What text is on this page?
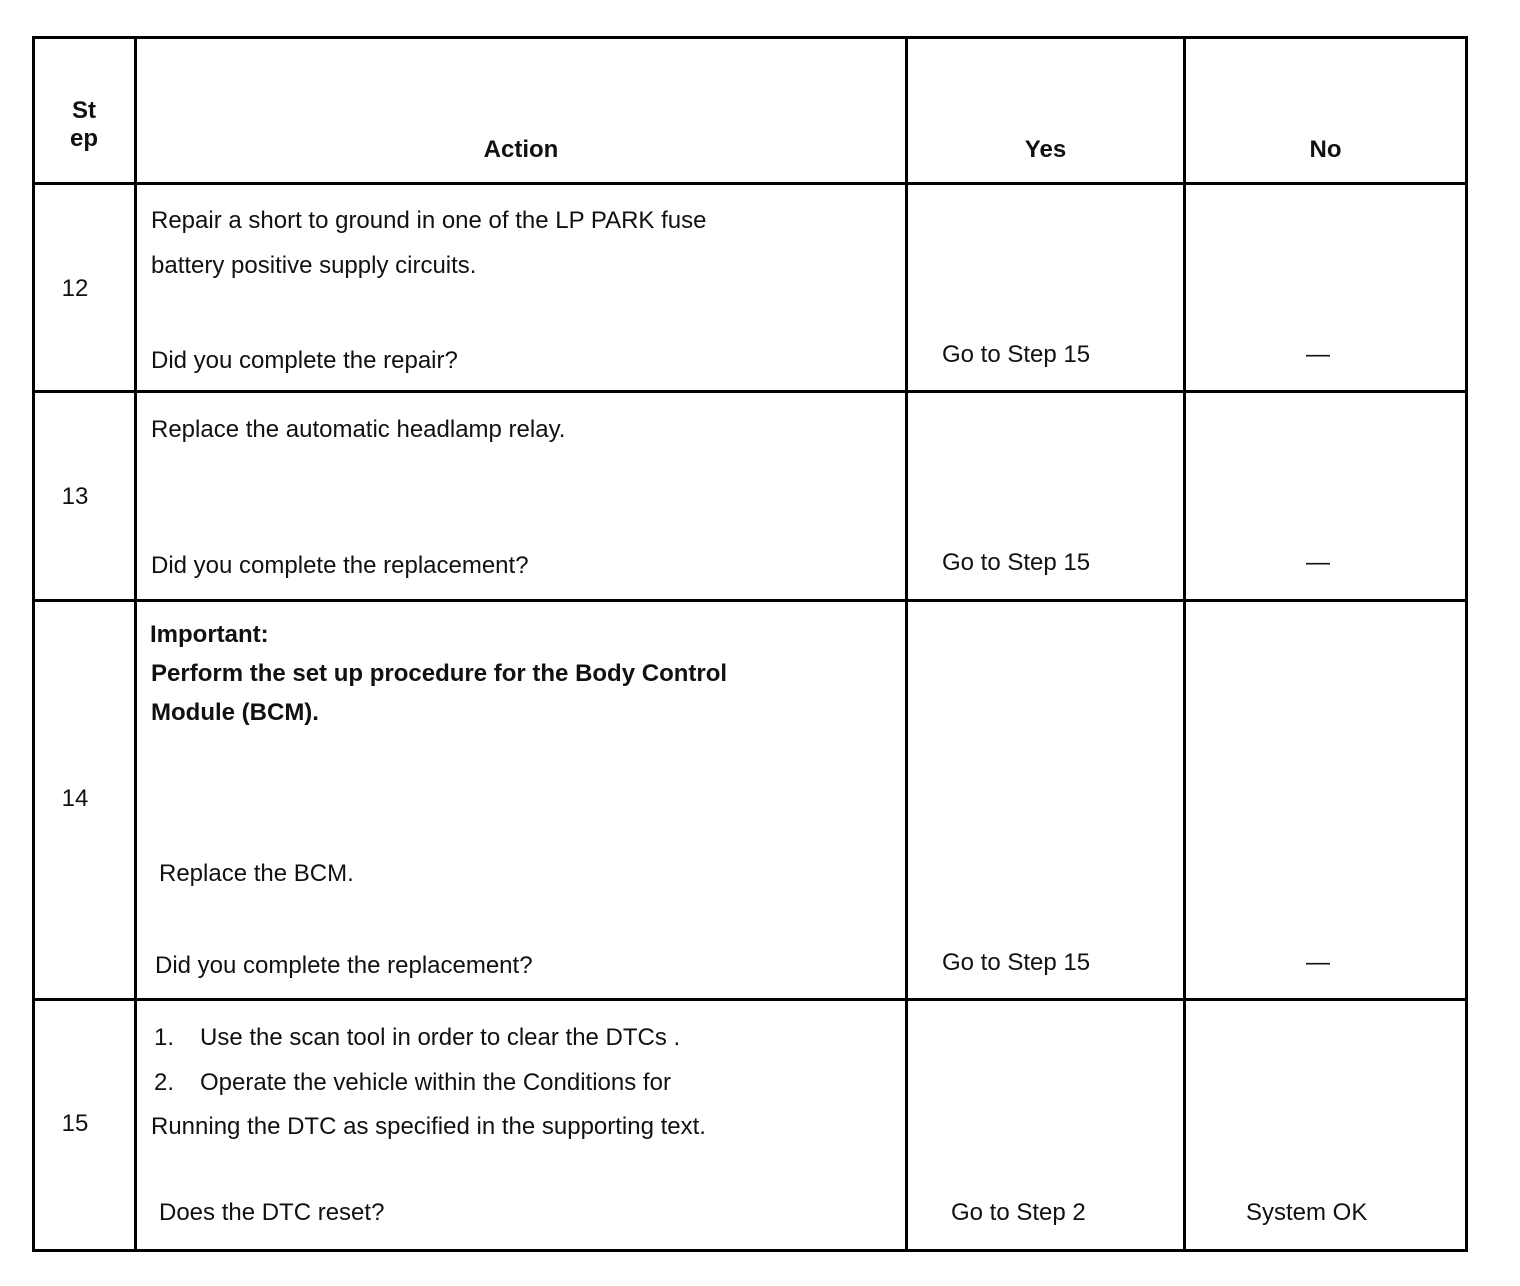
St
ep	Action	Yes	No
12
Repair a short to ground in one of the LP PARK fuse
battery positive supply circuits.
Did you complete the repair?	Go to Step 15	—
13
Replace the automatic headlamp relay.
Did you complete the replacement?	Go to Step 15	—
14
Important:
Perform the set up procedure for the Body Control
Module (BCM).
Replace the BCM.
Did you complete the replacement?	Go to Step 15	—
15
1. Use the scan tool in order to clear the DTCs .
2. Operate the vehicle within the Conditions for
Running the DTC as specified in the supporting text.
Does the DTC reset?	Go to Step 2	System OK
